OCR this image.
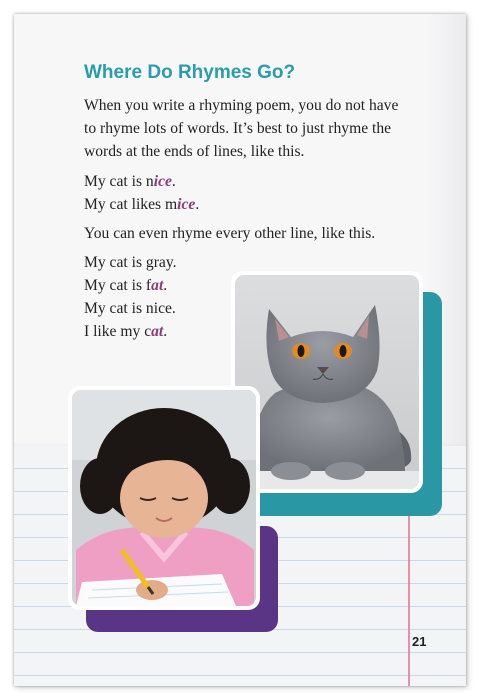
Where Do Rhymes Go?

When you write a rhyming poem, you do not have to rhyme lots of words. It’s best to just rhyme the words at the ends of lines, like this.

My cat is nice.
My cat likes mice.

You can even rhyme every other line, like this.

My cat is gray.
My cat is fat.
My cat is nice.
I like my cat.
21
